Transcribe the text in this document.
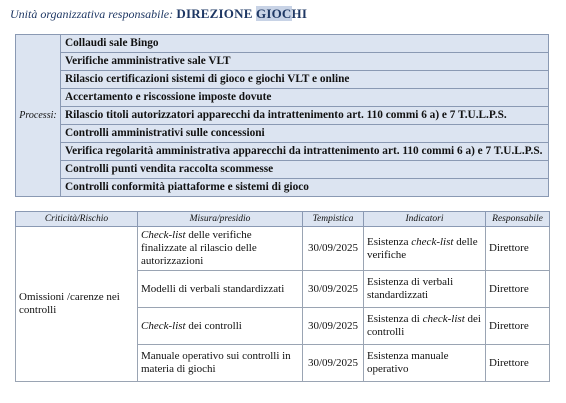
Unità organizzativa responsabile: DIREZIONE GIOCHI
Processi:	Collaudi sale Bingo
Verifiche amministrative sale VLT
Rilascio certificazioni sistemi di gioco e giochi VLT e online
Accertamento e riscossione imposte dovute
Rilascio titoli autorizzatori apparecchi da intrattenimento art. 110 commi 6 a) e 7 T.U.L.P.S.
Controlli amministrativi sulle concessioni
Verifica regolarità amministrativa apparecchi da intrattenimento art. 110 commi 6 a) e 7 T.U.L.P.S.
Controlli punti vendita raccolta scommesse
Controlli conformità piattaforme e sistemi di gioco
Criticità/Rischio	Misura/presidio	Tempistica	Indicatori	Responsabile
Omissioni /carenze nei controlli	Check-list delle verifiche finalizzate al rilascio delle autorizzazioni	30/09/2025	Esistenza check-list delle verifiche	Direttore
	Modelli di verbali standardizzati	30/09/2025	Esistenza di verbali standardizzati	Direttore
	Check-list dei controlli	30/09/2025	Esistenza di check-list dei controlli	Direttore
	Manuale operativo sui controlli in materia di giochi	30/09/2025	Esistenza manuale operativo	Direttore
